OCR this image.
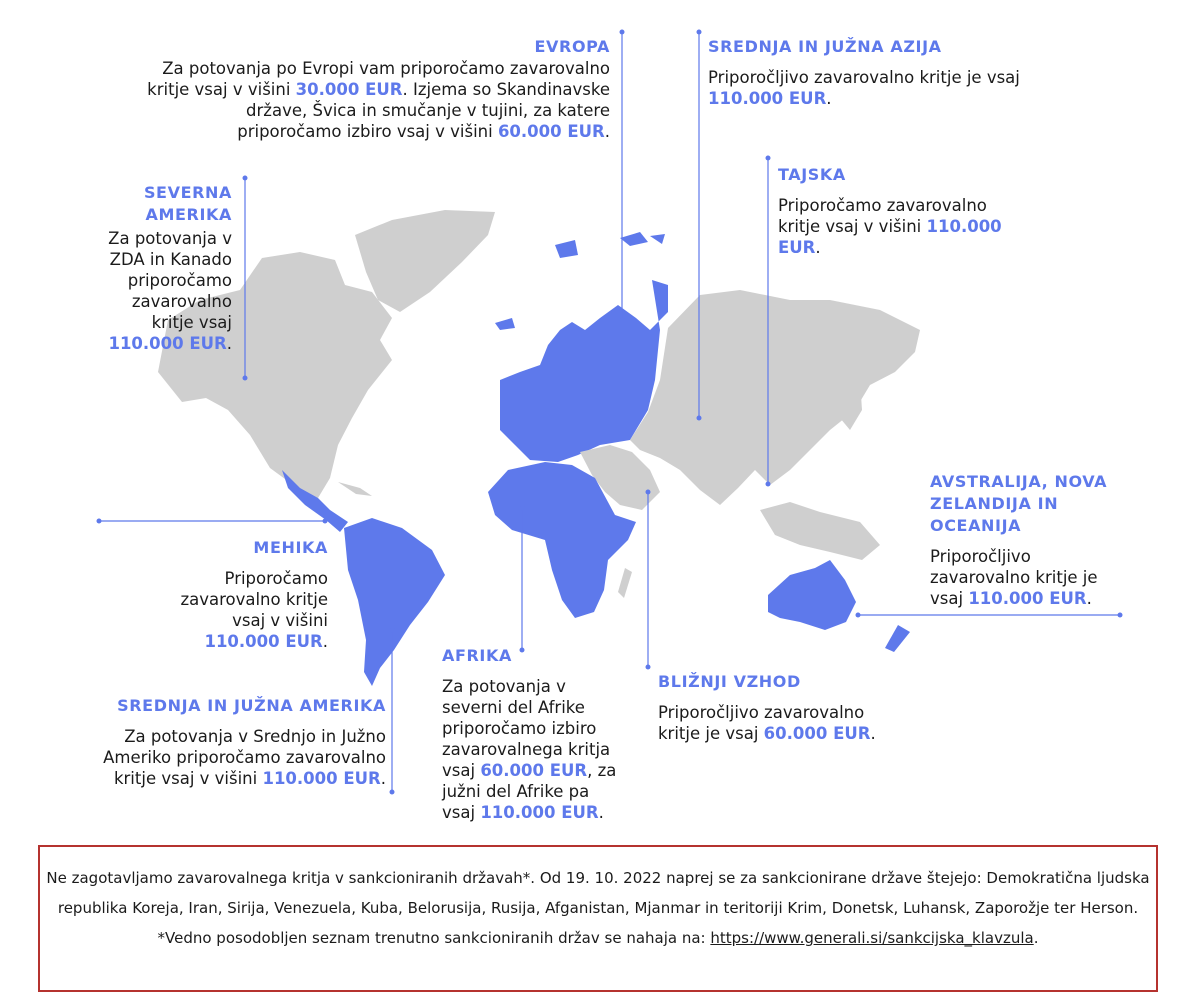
EVROPA
Za potovanja po Evropi vam priporočamo zavarovalno kritje vsaj v višini 30.000 EUR. Izjema so Skandinavske države, Švica in smučanje v tujini, za katere priporočamo izbiro vsaj v višini 60.000 EUR.
SREDNJA IN JUŽNA AZIJA
Priporočljivo zavarovalno kritje je vsaj 110.000 EUR.
TAJSKA
Priporočamo zavarovalno kritje vsaj v višini 110.000 EUR.
SEVERNA AMERIKA
Za potovanja v ZDA in Kanado priporočamo zavarovalno kritje vsaj 110.000 EUR.
AVSTRALIJA, NOVA ZELANDIJA IN OCEANIJA
Priporočljivo zavarovalno kritje je vsaj 110.000 EUR.
MEHIKA
Priporočamo zavarovalno kritje vsaj v višini 110.000 EUR.
AFRIKA
Za potovanja v severni del Afrike priporočamo izbiro zavarovalnega kritja vsaj 60.000 EUR, za južni del Afrike pa vsaj 110.000 EUR.
BLIŽNJI VZHOD
Priporočljivo zavarovalno kritje je vsaj 60.000 EUR.
SREDNJA IN JUŽNA AMERIKA
Za potovanja v Srednjo in Južno Ameriko priporočamo zavarovalno kritje vsaj v višini 110.000 EUR.
Ne zagotavljamo zavarovalnega kritja v sankcioniranih državah*. Od 19. 10. 2022 naprej se za sankcionirane države štejejo: Demokratična ljudska republika Koreja, Iran, Sirija, Venezuela, Kuba, Belorusija, Rusija, Afganistan, Mjanmar in teritoriji Krim, Donetsk, Luhansk, Zaporožje ter Herson. *Vedno posodobljen seznam trenutno sankcioniranih držav se nahaja na: https://www.generali.si/sankcijska_klavzula.
